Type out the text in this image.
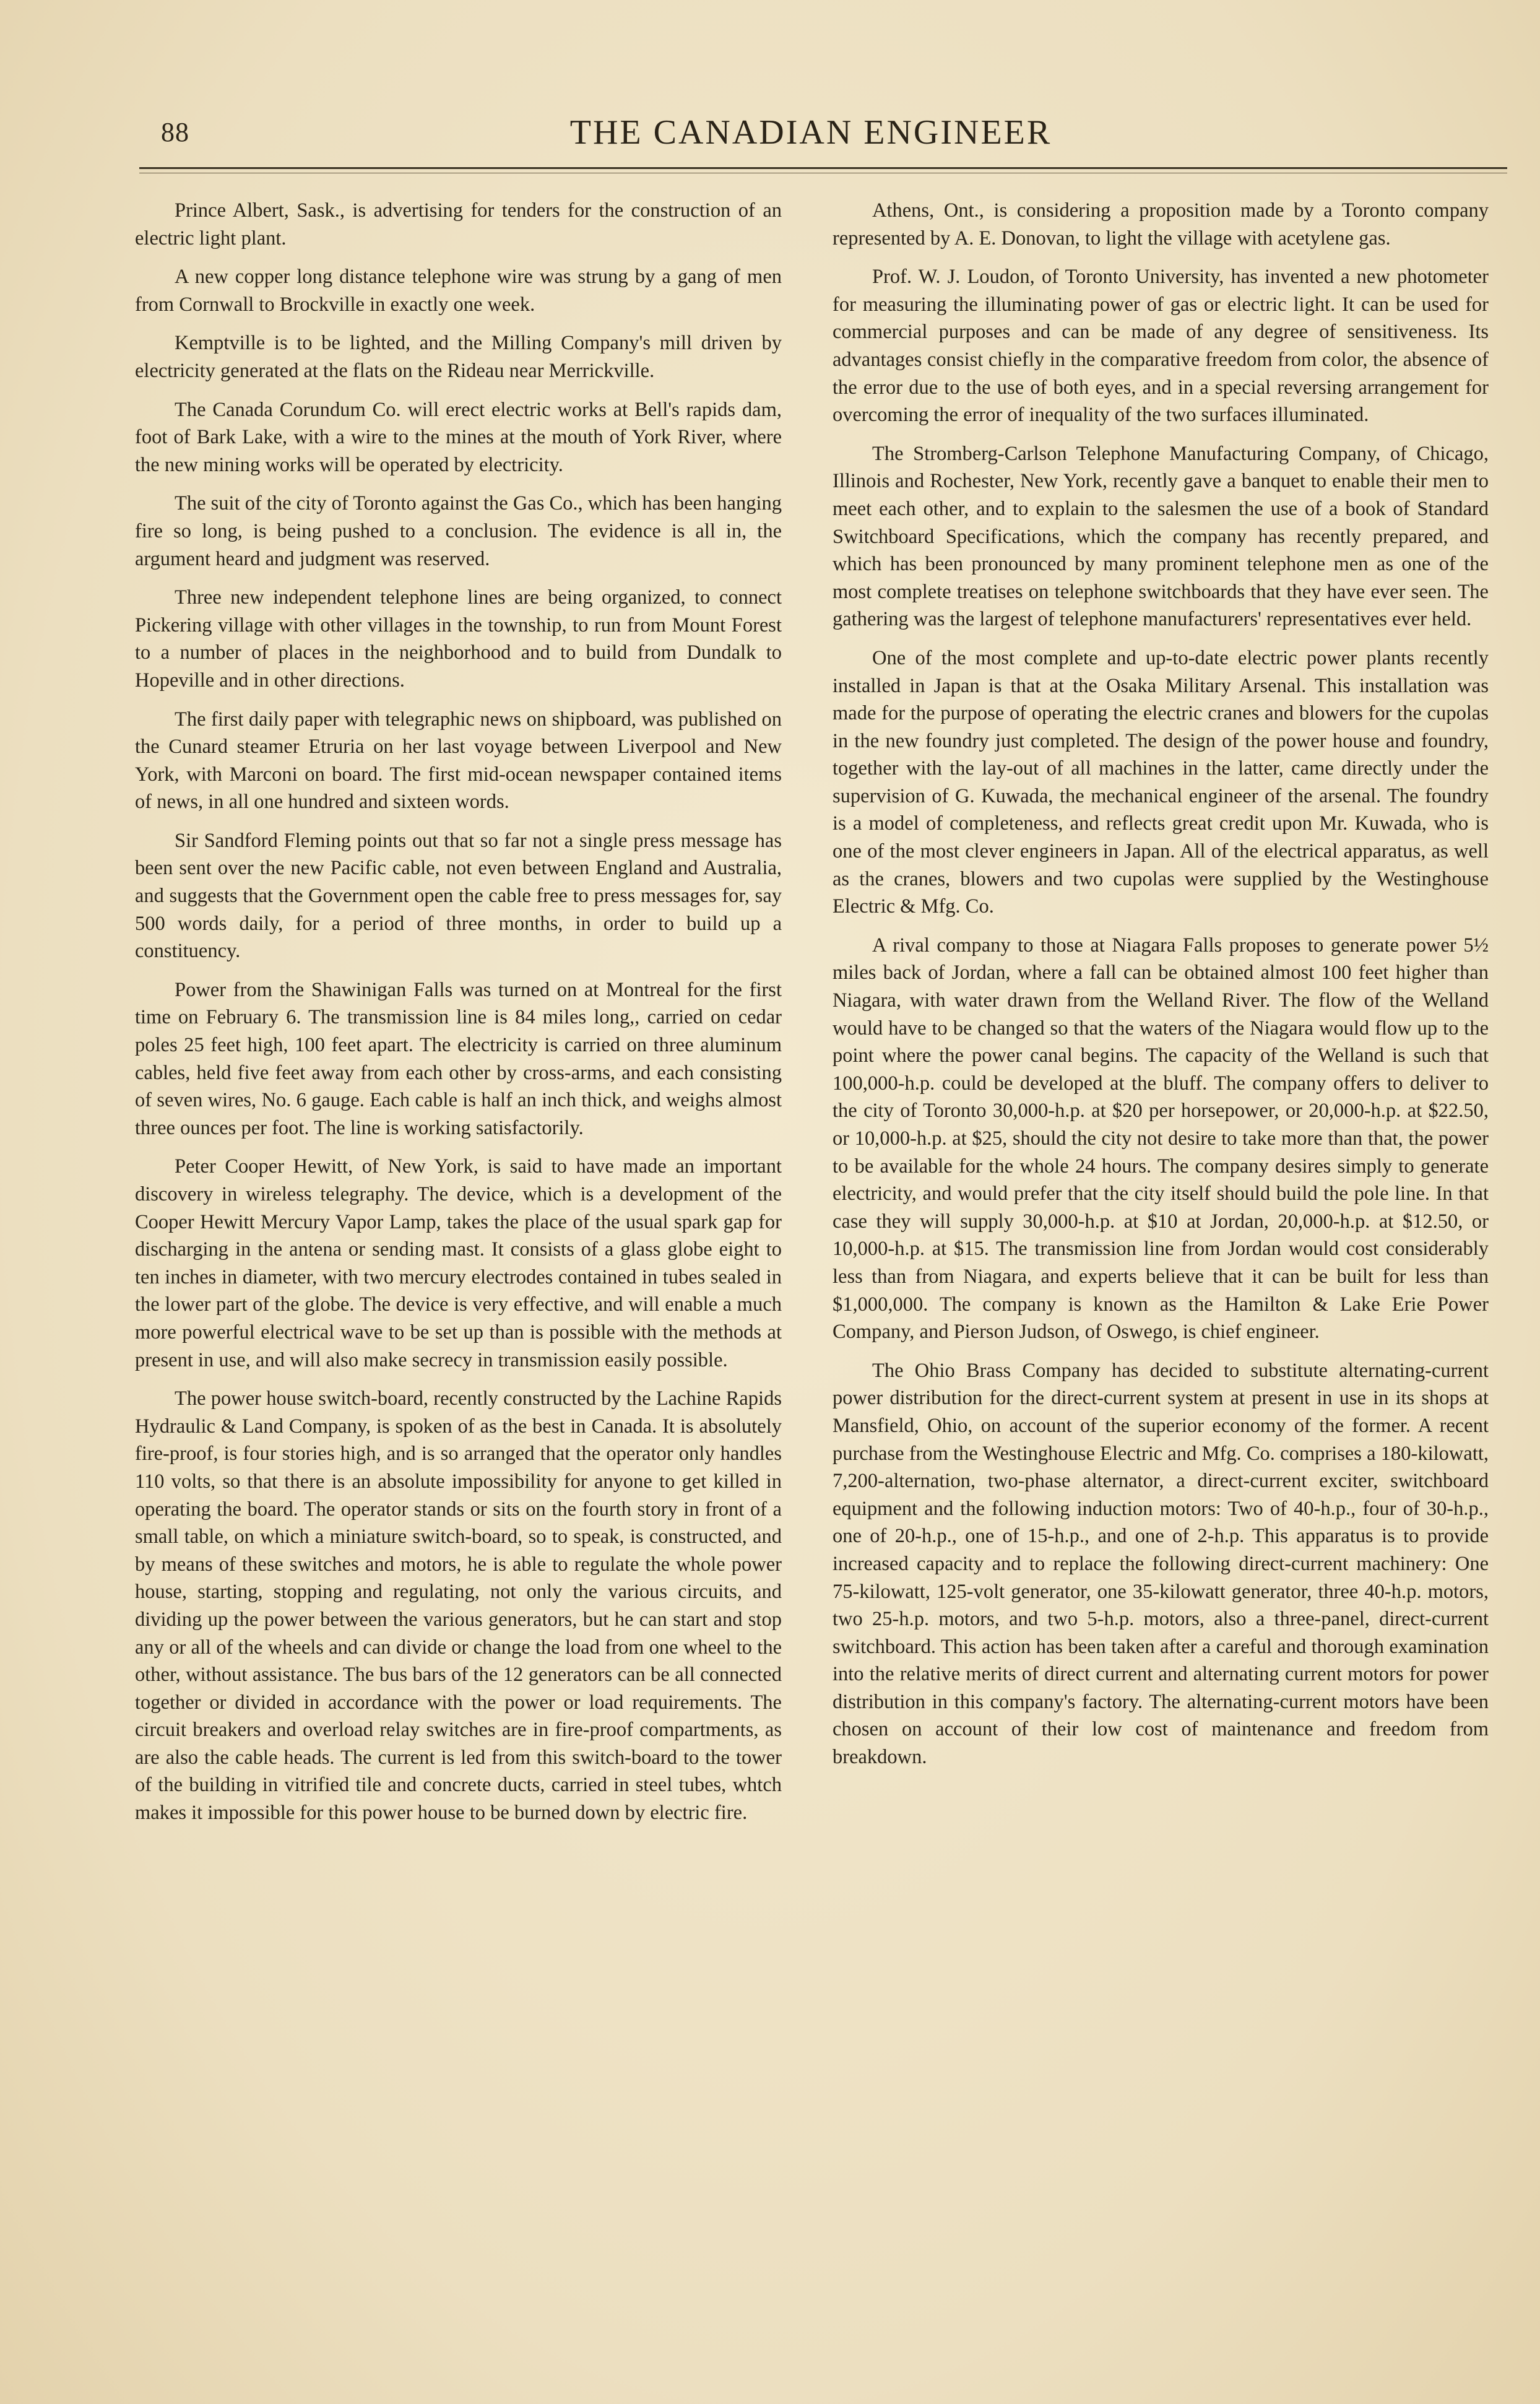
88	THE CANADIAN ENGINEER

Prince Albert, Sask., is advertising for tenders for the construction of an electric light plant.

A new copper long distance telephone wire was strung by a gang of men from Cornwall to Brockville in exactly one week.

Kemptville is to be lighted, and the Milling Company's mill driven by electricity generated at the flats on the Rideau near Merrickville.

The Canada Corundum Co. will erect electric works at Bell's rapids dam, foot of Bark Lake, with a wire to the mines at the mouth of York River, where the new mining works will be operated by electricity.

The suit of the city of Toronto against the Gas Co., which has been hanging fire so long, is being pushed to a conclusion. The evidence is all in, the argument heard and judgment was reserved.

Three new independent telephone lines are being organized, to connect Pickering village with other villages in the township, to run from Mount Forest to a number of places in the neighborhood and to build from Dundalk to Hopeville and in other directions.

The first daily paper with telegraphic news on shipboard, was published on the Cunard steamer Etruria on her last voyage between Liverpool and New York, with Marconi on board. The first mid-ocean newspaper contained items of news, in all one hundred and sixteen words.

Sir Sandford Fleming points out that so far not a single press message has been sent over the new Pacific cable, not even between England and Australia, and suggests that the Government open the cable free to press messages for, say 500 words daily, for a period of three months, in order to build up a constituency.

Power from the Shawinigan Falls was turned on at Montreal for the first time on February 6. The transmission line is 84 miles long,, carried on cedar poles 25 feet high, 100 feet apart. The electricity is carried on three aluminum cables, held five feet away from each other by cross-arms, and each consisting of seven wires, No. 6 gauge. Each cable is half an inch thick, and weighs almost three ounces per foot. The line is working satisfactorily.

Peter Cooper Hewitt, of New York, is said to have made an important discovery in wireless telegraphy. The device, which is a development of the Cooper Hewitt Mercury Vapor Lamp, takes the place of the usual spark gap for discharging in the antena or sending mast. It consists of a glass globe eight to ten inches in diameter, with two mercury electrodes contained in tubes sealed in the lower part of the globe. The device is very effective, and will enable a much more powerful electrical wave to be set up than is possible with the methods at present in use, and will also make secrecy in transmission easily possible.

The power house switch-board, recently constructed by the Lachine Rapids Hydraulic & Land Company, is spoken of as the best in Canada. It is absolutely fire-proof, is four stories high, and is so arranged that the operator only handles 110 volts, so that there is an absolute impossibility for anyone to get killed in operating the board. The operator stands or sits on the fourth story in front of a small table, on which a miniature switch-board, so to speak, is constructed, and by means of these switches and motors, he is able to regulate the whole power house, starting, stopping and regulating, not only the various circuits, and dividing up the power between the various generators, but he can start and stop any or all of the wheels and can divide or change the load from one wheel to the other, without assistance. The bus bars of the 12 generators can be all connected together or divided in accordance with the power or load requirements. The circuit breakers and overload relay switches are in fire-proof compartments, as are also the cable heads. The current is led from this switch-board to the tower of the building in vitrified tile and concrete ducts, carried in steel tubes, whtch makes it impossible for this power house to be burned down by electric fire.

Athens, Ont., is considering a proposition made by a Toronto company represented by A. E. Donovan, to light the village with acetylene gas.

Prof. W. J. Loudon, of Toronto University, has invented a new photometer for measuring the illuminating power of gas or electric light. It can be used for commercial purposes and can be made of any degree of sensitiveness. Its advantages consist chiefly in the comparative freedom from color, the absence of the error due to the use of both eyes, and in a special reversing arrangement for overcoming the error of inequality of the two surfaces illuminated.

The Stromberg-Carlson Telephone Manufacturing Company, of Chicago, Illinois and Rochester, New York, recently gave a banquet to enable their men to meet each other, and to explain to the salesmen the use of a book of Standard Switchboard Specifications, which the company has recently prepared, and which has been pronounced by many prominent telephone men as one of the most complete treatises on telephone switchboards that they have ever seen. The gathering was the largest of telephone manufacturers' representatives ever held.

One of the most complete and up-to-date electric power plants recently installed in Japan is that at the Osaka Military Arsenal. This installation was made for the purpose of operating the electric cranes and blowers for the cupolas in the new foundry just completed. The design of the power house and foundry, together with the lay-out of all machines in the latter, came directly under the supervision of G. Kuwada, the mechanical engineer of the arsenal. The foundry is a model of completeness, and reflects great credit upon Mr. Kuwada, who is one of the most clever engineers in Japan. All of the electrical apparatus, as well as the cranes, blowers and two cupolas were supplied by the Westinghouse Electric & Mfg. Co.

A rival company to those at Niagara Falls proposes to generate power 5½ miles back of Jordan, where a fall can be obtained almost 100 feet higher than Niagara, with water drawn from the Welland River. The flow of the Welland would have to be changed so that the waters of the Niagara would flow up to the point where the power canal begins. The capacity of the Welland is such that 100,000-h.p. could be developed at the bluff. The company offers to deliver to the city of Toronto 30,000-h.p. at $20 per horsepower, or 20,000-h.p. at $22.50, or 10,000-h.p. at $25, should the city not desire to take more than that, the power to be available for the whole 24 hours. The company desires simply to generate electricity, and would prefer that the city itself should build the pole line. In that case they will supply 30,000-h.p. at $10 at Jordan, 20,000-h.p. at $12.50, or 10,000-h.p. at $15. The transmission line from Jordan would cost considerably less than from Niagara, and experts believe that it can be built for less than $1,000,000. The company is known as the Hamilton & Lake Erie Power Company, and Pierson Judson, of Oswego, is chief engineer.

The Ohio Brass Company has decided to substitute alternating-current power distribution for the direct-current system at present in use in its shops at Mansfield, Ohio, on account of the superior economy of the former. A recent purchase from the Westinghouse Electric and Mfg. Co. comprises a 180-kilowatt, 7,200-alternation, two-phase alternator, a direct-current exciter, switchboard equipment and the following induction motors: Two of 40-h.p., four of 30-h.p., one of 20-h.p., one of 15-h.p., and one of 2-h.p. This apparatus is to provide increased capacity and to replace the following direct-current machinery: One 75-kilowatt, 125-volt generator, one 35-kilowatt generator, three 40-h.p. motors, two 25-h.p. motors, and two 5-h.p. motors, also a three-panel, direct-current switchboard. This action has been taken after a careful and thorough examination into the relative merits of direct current and alternating current motors for power distribution in this company's factory. The alternating-current motors have been chosen on account of their low cost of maintenance and freedom from breakdown.
